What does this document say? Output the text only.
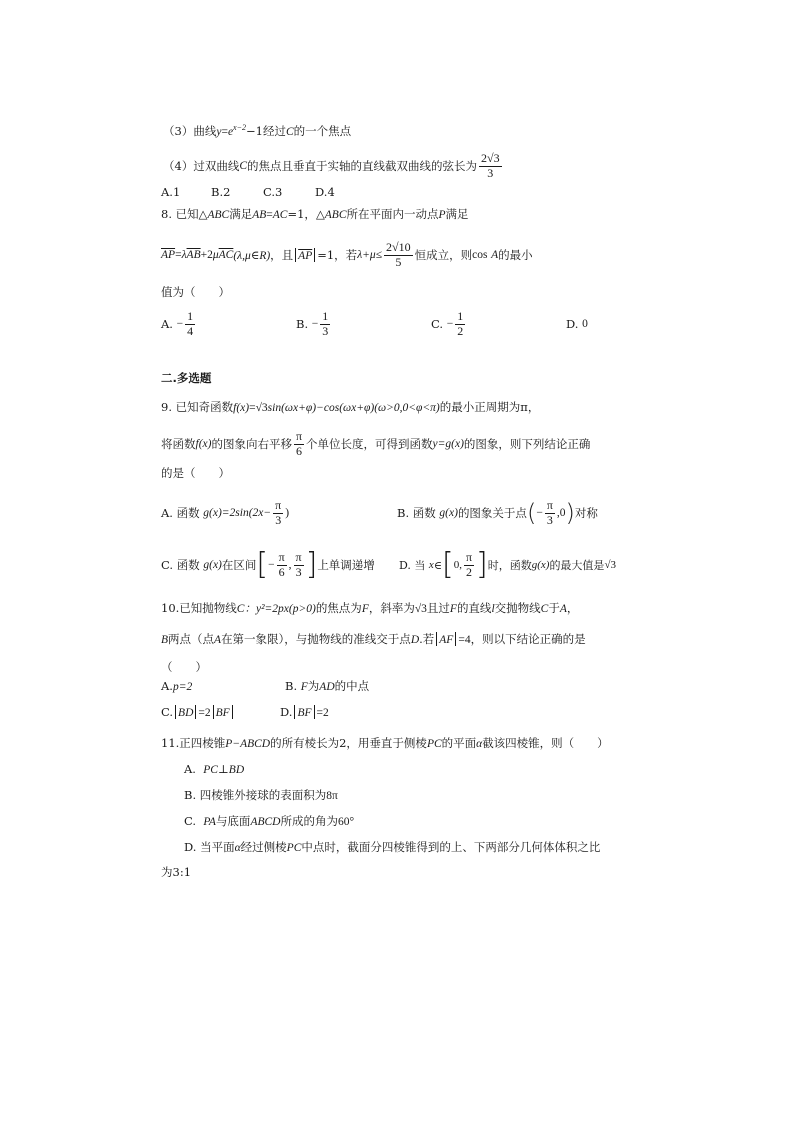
（3）曲线$y=e^{x-2}-1$经过C的一个焦点
（4）过双曲线 C 的焦点且垂直于实轴的直线截双曲线的弦长为 $\frac{2√3}{3}$
A.1	B.2	C.3	D.4
8. 已知△ABC满足AB=AC=1，△ABC所在平面内一动点P满足
$\overline{AP} = \lambda$ $\overline{AB} +2$ μ $\overline{AC}$ (λ,μ∈R) ，且 $\overline{AP} =1$，若 $\lambda+\mu\le \frac{2√10}{5}$ 恒成立，则 cos
A 的最小
值为（　　）
A.
− $\frac{1}{4}$	B.
− $\frac{1}{3}$	C.
− $\frac{1}{2}$	D.
0
二.多选题
9. 已知奇函数f(x)=√3sin(ωx+φ)−cos(ωx+φ)(ω>0,0<φ<π)的最小正周期为π，
将函数 f(x) 的图象向右平移 $\frac{\pi}{6}$ 个单位长度，可得到函数 y=g(x) 的图象，则下列结论正确
的是（　　）
A. 函数
$g(x) =2\sin(2x- \frac{\pi}{3}$ )	B. 函数
g(x) 的图象关于点 ( − $\frac{\pi}{3} ,0$ ) 对称
C. 函数
g(x) 在区间 [ − $\frac{\pi}{6}$ , $\frac{\pi}{3}$ ] 上单调递增 D. 当
x ∈ [ 0, $\frac{\pi}{2}$ ] 时，函数 g(x) 的最大值是 √3
10.已知抛物线C：y²=2px(p>0)的焦点为F，斜率为√3且过F的直线l交抛物线C于A，
B两点（点A在第一象限），与抛物线的准线交于点D.若 AF =4，则以下结论正确的是
（　　）
A.p=2	B. F为AD的中点
C. BD =2 BF	D. BF =2
11.正四棱锥P−ABCD的所有棱长为2，用垂直于侧棱PC的平面α截该四棱锥，则（　　）
A. PC⊥BD
B. 四棱锥外接球的表面积为8π
C. PA与底面ABCD所成的角为60°
D. 当平面α经过侧棱PC中点时，截面分四棱锥得到的上、下两部分几何体体积之比
为3:1
